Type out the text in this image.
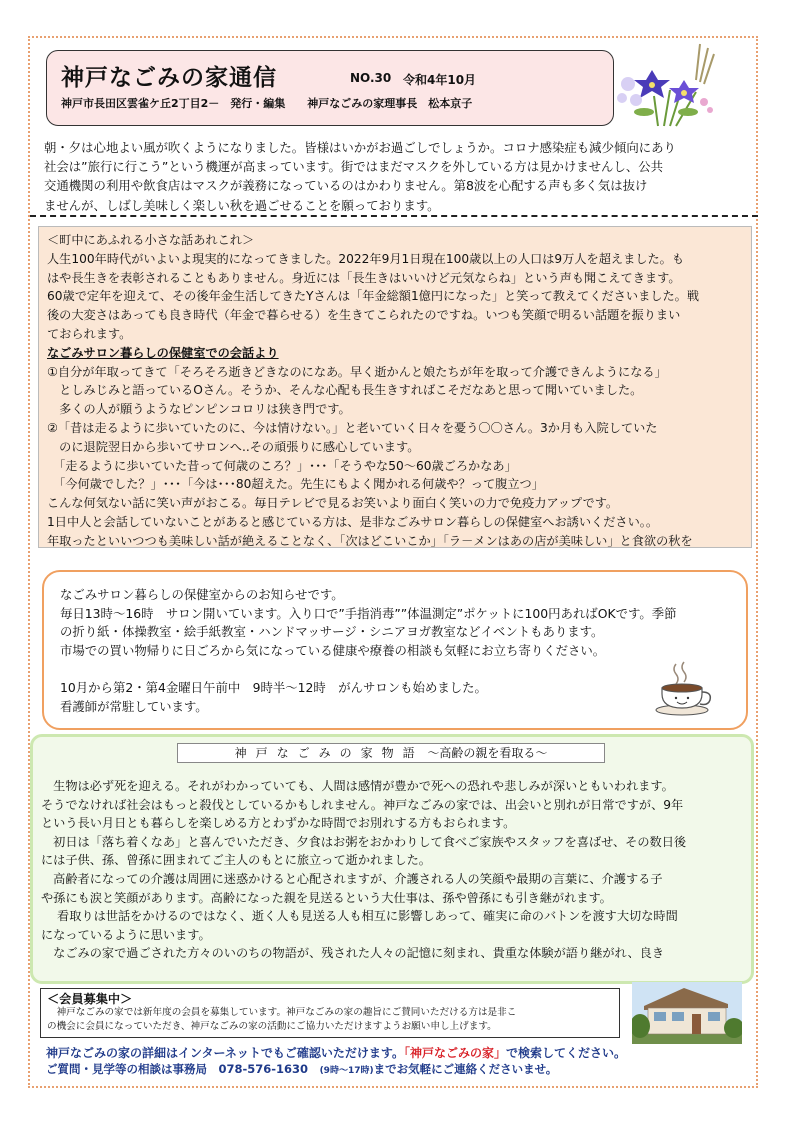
神戸なごみの家通信	NO.30 令和4年10月
神戸市長田区雲雀ケ丘2丁目2－　発行・編集　　神戸なごみの家理事長　松本京子

朝・夕は心地よい風が吹くようになりました。皆様はいかがお過ごしでしょうか。コロナ感染症も減少傾向にあり

社会は”旅行に行こう”という機運が高まっています。街ではまだマスクを外している方は見かけませんし、公共

交通機関の利用や飲食店はマスクが義務になっているのはかわりません。第8波を心配する声も多く気は抜け

ませんが、しばし美味しく楽しい秋を過ごせることを願っております。

＜町中にあふれる小さな話あれこれ＞

人生100年時代がいよいよ現実的になってきました。2022年9月1日現在100歳以上の人口は9万人を超えました。も

はや長生きを表彰されることもありません。身近には「長生きはいいけど元気ならね」という声も聞こえてきます。

60歳で定年を迎えて、その後年金生活してきたYさんは「年金総額1億円になった」と笑って教えてくださいました。戦

後の大変さはあっても良き時代（年金で暮らせる）を生きてこられたのですね。いつも笑顔で明るい話題を振りまい

ておられます。

なごみサロン暮らしの保健室での会話より

①自分が年取ってきて「そろそろ逝きどきなのになあ。早く逝かんと娘たちが年を取って介護できんようになる」

　としみじみと語っているOさん。そうか、そんな心配も長生きすればこそだなあと思って聞いていました。

　多くの人が願うようなピンピンコロリは狭き門です。

②「昔は走るように歩いていたのに、今は情けない。」と老いていく日々を憂う〇〇さん。3か月も入院していた

　のに退院翌日から歩いてサロンへ..その頑張りに感心しています。

　「走るように歩いていた昔って何歳のころ？」･･･「そうやな50～60歳ごろかなあ」

　「今何歳でした？」･･･「今は･･･80超えた。先生にもよく聞かれる何歳や？って腹立つ」

こんな何気ない話に笑い声がおこる。毎日テレビで見るお笑いより面白く笑いの力で免疫力アップです。

1日中人と会話していないことがあると感じている方は、是非なごみサロン暮らしの保健室へお誘いください。。

年取ったといいつつも美味しい話が絶えることなく、「次はどこいこか」「ラ－メンはあの店が美味しい」と食欲の秋を

なごみサロン暮らしの保健室からのお知らせです。

毎日13時～16時　サロン開いています。入り口で”手指消毒””体温測定”ポケットに100円あればOKです。季節

の折り紙・体操教室・絵手紙教室・ハンドマッサージ・シニアヨガ教室などイベントもあります。

市場での買い物帰りに日ごろから気になっている健康や療養の相談も気軽にお立ち寄りください。

10月から第2・第4金曜日午前中　9時半～12時　がんサロンも始めました。

看護師が常駐しています。

神戸なごみの家物語 ～高齢の親を看取る～

　生物は必ず死を迎える。それがわかっていても、人間は感情が豊かで死への恐れや悲しみが深いともいわれます。

そうでなければ社会はもっと殺伐としているかもしれません。神戸なごみの家では、出会いと別れが日常ですが、9年

という長い月日とも暮らしを楽しめる方とわずかな時間でお別れする方もおられます。

　初日は「落ち着くなあ」と喜んでいただき、夕食はお粥をおかわりして食べご家族やスタッフを喜ばせ、その数日後

には子供、孫、曾孫に囲まれてご主人のもとに旅立って逝かれました。

　高齢者になっての介護は周囲に迷惑かけると心配されますが、介護される人の笑顔や最期の言葉に、介護する子

や孫にも涙と笑顔があります。高齢になった親を見送るという大仕事は、孫や曾孫にも引き継がれます。

　 看取りは世話をかけるのではなく、逝く人も見送る人も相互に影響しあって、確実に命のバトンを渡す大切な時間

になっているように思います。

　なごみの家で過ごされた方々のいのちの物語が、残された人々の記憶に刻まれ、貴重な体験が語り継がれ、良き

＜会員募集中＞

　神戸なごみの家では新年度の会員を募集しています。神戸なごみの家の趣旨にご賛同いただける方は是非こ

の機会に会員になっていただき、神戸なごみの家の活動にご協力いただけますようお願い申し上げます。

神戸なごみの家の詳細はインターネットでもご確認いただけます。「神戸なごみの家」で検索してください。
ご質問・見学等の相談は事務局　078-576-1630　(9時～17時)までお気軽にご連絡くださいませ。
